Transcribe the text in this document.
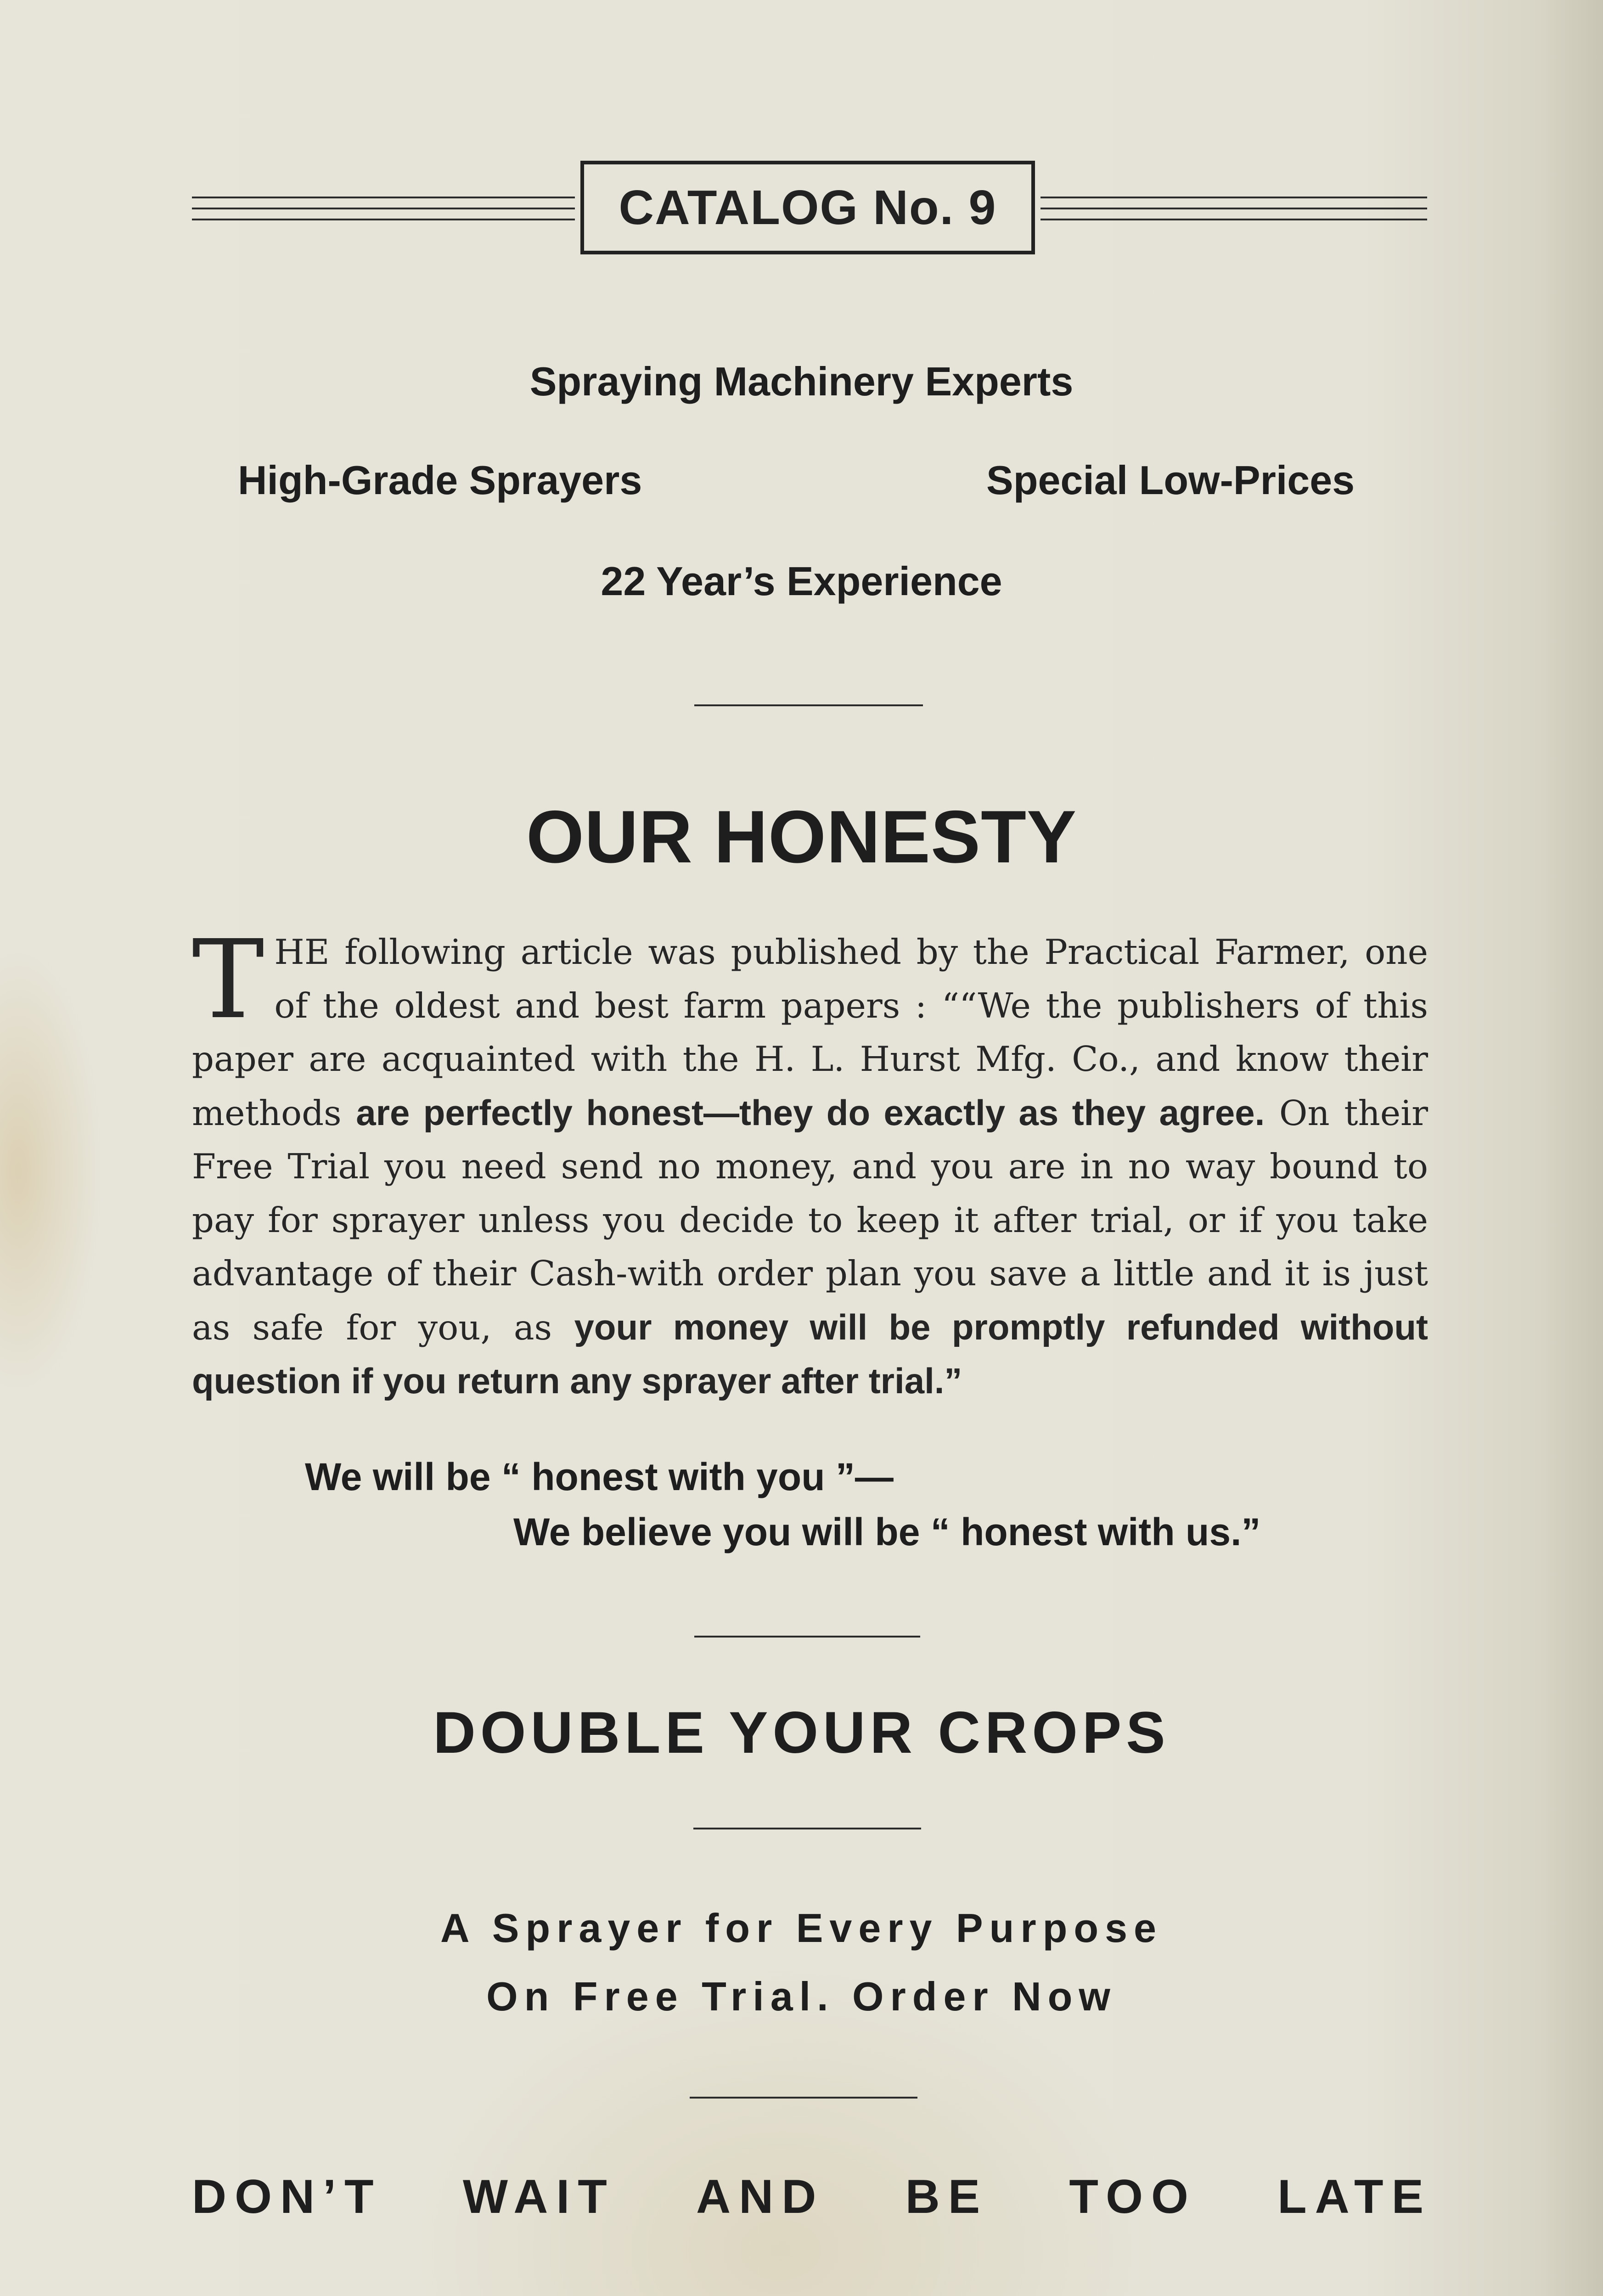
CATALOG No. 9
Spraying Machinery Experts
High-Grade Sprayers	Special Low-Prices
22 Year’s Experience
OUR HONESTY
THE following article was published by the Practical Farmer, one of the oldest and best farm papers : ““We the publishers of this paper are acquainted with the H. L. Hurst Mfg. Co., and know their methods are perfectly honest—they do exactly as they agree. On their Free Trial you need send no money, and you are in no way bound to pay for sprayer unless you decide to keep it after trial, or if you take advantage of their Cash-with order plan you save a little and it is just as safe for you, as your money will be promptly refunded without question if you return any sprayer after trial.”
We will be “ honest with you ”—
We believe you will be “ honest with us.”
DOUBLE YOUR CROPS
A Sprayer for Every Purpose
On Free Trial. Order Now
DON’T WAIT AND BE TOO LATE
